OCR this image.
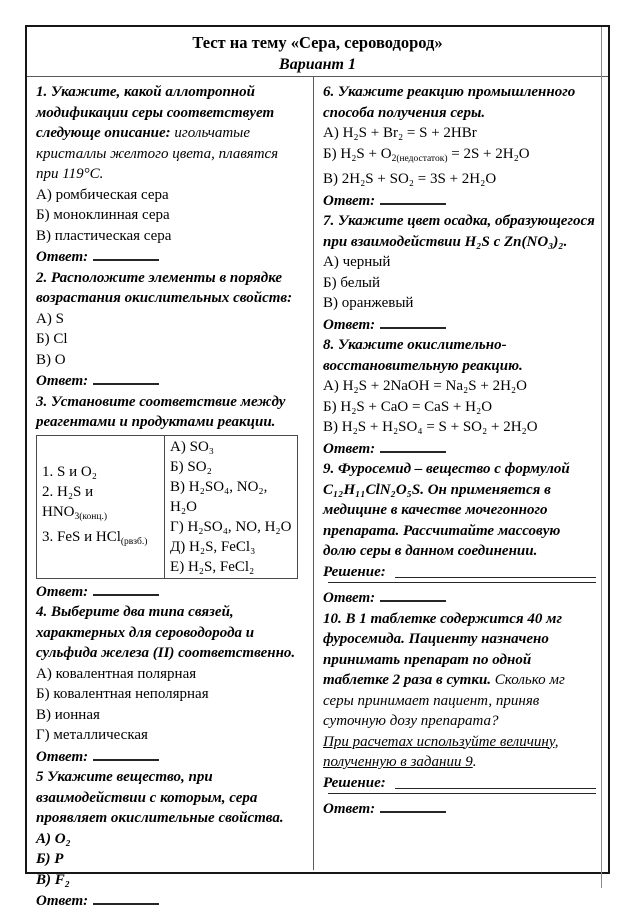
Тест на тему «Сера, сероводород»
Вариант 1

1. Укажите, какой аллотропной модификации серы соответствует следующе описание: игольчатые кристаллы желтого цвета, плавятся при 119°С.

А) ромбическая сера

Б) моноклинная сера

В) пластическая сера

Ответ:

2. Расположите элементы в порядке возрастания окислительных свойств:

А) S

Б) Cl

В) O

Ответ:

3. Установите соответствие между реагентами и продуктами реакции.

1. S и O₂

2. H₂S и $HNO_{3(конц.)}$

3. FeS и HCl$_{(рвзб.)}$

А) SO₃

Б) SO₂

В) H₂SO₄, NO₂, H₂O

Г) H₂SO₄, NO, H₂O

Д) H₂S, FeCl₃

Е) H₂S, FeCl₂

Ответ:

4. Выберите два типа связей, характерных для сероводорода и сульфида железа (II) соответственно.

А) ковалентная полярная

Б) ковалентная неполярная

В) ионная

Г) металлическая

Ответ:

5 Укажите вещество, при взаимодействии с которым, сера проявляет окислительные свойства.

А) O₂

Б) P

В) F₂

Ответ:

6. Укажите реакцию промышленного способа получения серы.

А) H₂S + Br₂ = S + 2HBr

Б) $H_2S + O_{2(недостаток)} = 2S + 2H_2O$

В) 2H₂S + SO₂ = 3S + 2H₂O

Ответ:

7. Укажите цвет осадка, образующегося при взаимодействии H₂S с Zn(NO₃)₂.

А) черный

Б) белый

В) оранжевый

Ответ:

8. Укажите окислительно-восстановительную реакцию.

А) H₂S + 2NaOH = Na₂S + 2H₂O

Б) H₂S + CaO = CaS + H₂O

В) H₂S + H₂SO₄ = S + SO₂ + 2H₂O

Ответ:

9. Фуросемид – вещество с формулой C₁₂H₁₁ClN₂O₅S. Он применяется в медицине в качестве мочегонного препарата. Рассчитайте массовую долю серы в данном соединении.

Решение:

Ответ:

10. В 1 таблетке содержится 40 мг фуросемида. Пациенту назначено принимать препарат по одной таблетке 2 раза в сутки. Сколько мг серы принимает пациент, приняв суточную дозу препарата?

При расчетах используйте величину, полученную в задании 9.

Решение:

Ответ:
